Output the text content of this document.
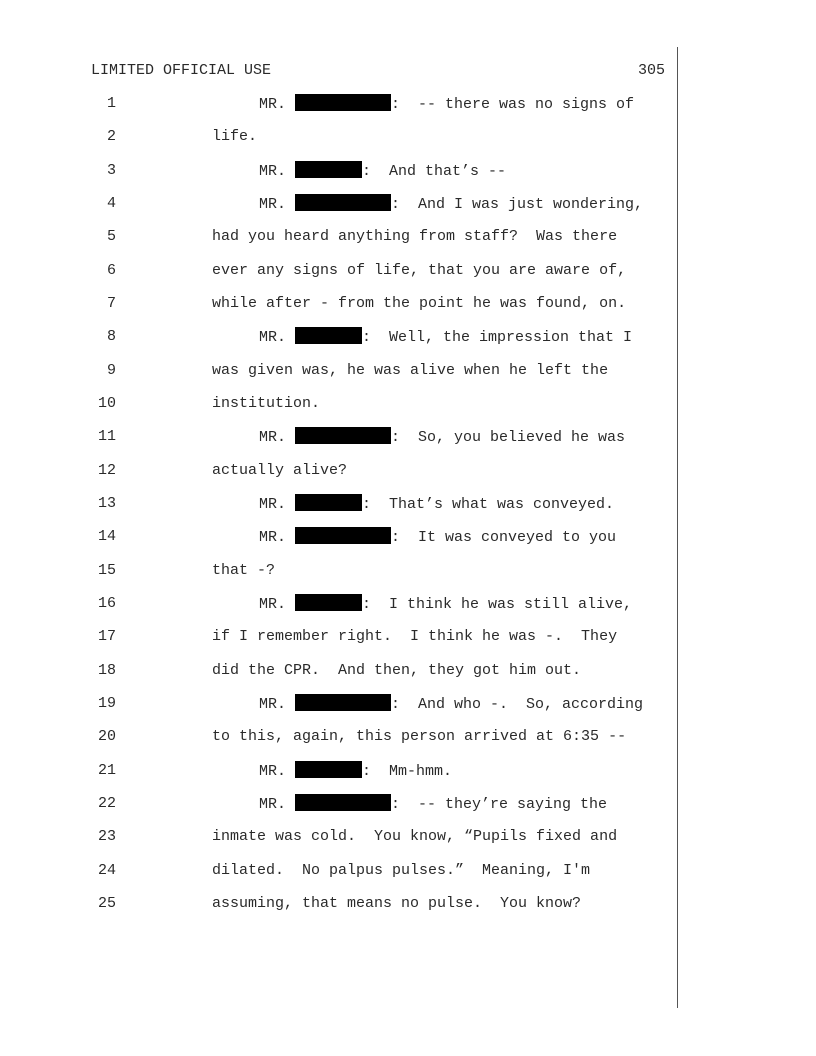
LIMITED OFFICIAL USE	305
1	MR.	:  -- there was no signs of
2	life.
3	MR.	:  And that’s --
4	MR.	:  And I was just wondering,
5	had you heard anything from staff?  Was there
6	ever any signs of life, that you are aware of,
7	while after - from the point he was found, on.
8	MR.	:  Well, the impression that I
9	was given was, he was alive when he left the
10	institution.
11	MR.	:  So, you believed he was
12	actually alive?
13	MR.	:  That’s what was conveyed.
14	MR.	:  It was conveyed to you
15	that -?
16	MR.	:  I think he was still alive,
17	if I remember right.  I think he was -.  They
18	did the CPR.  And then, they got him out.
19	MR.	:  And who -.  So, according
20	to this, again, this person arrived at 6:35 --
21	MR.	:  Mm-hmm.
22	MR.	:  -- they’re saying the
23	inmate was cold.  You know, “Pupils fixed and
24	dilated.  No palpus pulses.”  Meaning, I'm
25	assuming, that means no pulse.  You know?
